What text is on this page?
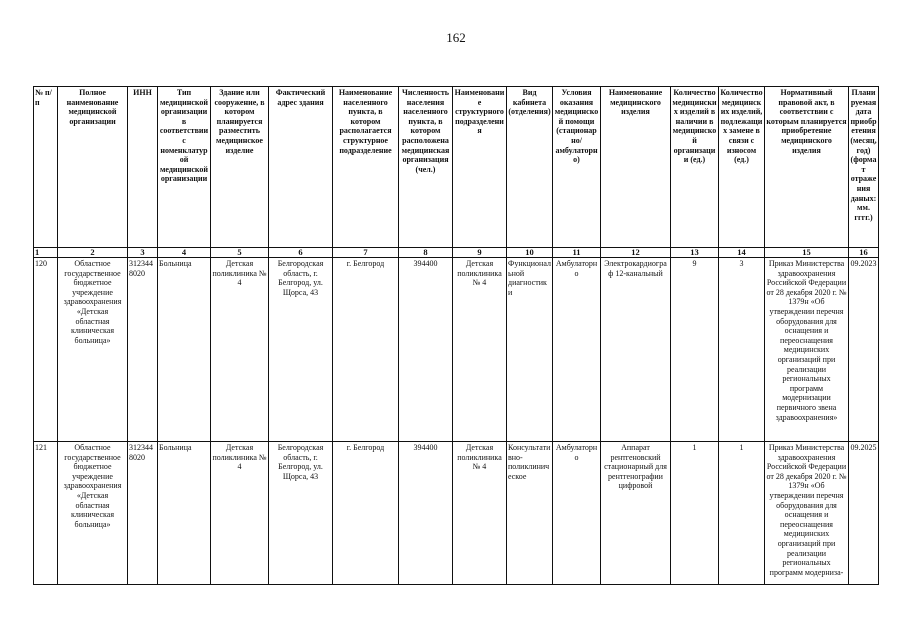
162
№ п/п	Полное наименование медицинской организации	ИНН	Тип медицинской организации в соответствии с номенклатурой медицинской организации	Здание или сооружение, в котором планируется разместить медицинское изделие	Фактический адрес здания	Наименование населенного пункта, в котором располагается структурное подразделение	Численность населения населенного пункта, в котором расположена медицинская организация (чел.)	Наименование структурного подразделения	Вид кабинета (отделения)	Условия оказания медицинской помощи (стационарно/ амбулаторно)	Наименование медицинского изделия	Количество медицинских изделий в наличии в медицинской организации (ед.)	Количество медицинских изделий, подлежащих замене в связи с износом (ед.)	Нормативный правовой акт, в соответствии с которым планируется приобретение медицинского изделия	Планируемая дата приобретения (месяц, год) (формат отражения даных: мм. гггг.)
1	2	3	4	5	6	7	8	9	10	11	12	13	14	15	16
120	Областное государственное бюджетное учреждение здравоохранения «Детская областная клиническая больница»	3123448020	Больница	Детская поликлиника № 4	Белгородская область, г. Белгород, ул. Щорса, 43	г. Белгород	394400	Детская поликлиника № 4	Функциональной диагностики	Амбулаторно	Электрокардиограф 12-канальный	9	3	Приказ Министерства здравоохранения Российской Федерации от 28 декабря 2020 г. № 1379н «Об утверждении перечня оборудования для оснащения и переоснащения медицинских организаций при реализации региональных программ модернизации первичного звена здравоохранения»	09.2023
121	Областное государственное бюджетное учреждение здравоохранения «Детская областная клиническая больница»	3123448020	Больница	Детская поликлиника № 4	Белгородская область, г. Белгород, ул. Щорса, 43	г. Белгород	394400	Детская поликлиника № 4	Консультативно-поликлиническое	Амбулаторно	Аппарат рентгеновский стационарный для рентгенографии цифровой	1	1	Приказ Министерства здравоохранения Российской Федерации от 28 декабря 2020 г. № 1379н «Об утверждении перечня оборудования для оснащения и переоснащения медицинских организаций при реализации региональных программ модерниза-	09.2025
